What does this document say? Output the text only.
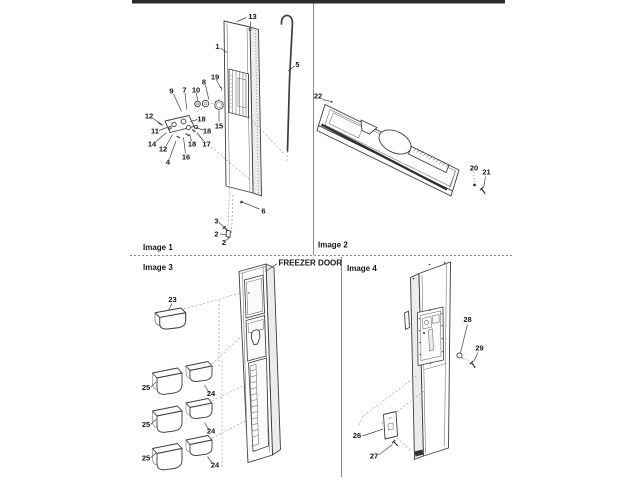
13
1
5
19
8
9 7 10
12	18
15
11	18
14
12
18 17
4
16
6
3
2
2
Image 1
22
20 21
Image 2
Image 3	FREEZER DOOR
23
25
24
25
24
25
24
Image 4
28
29
26
27
